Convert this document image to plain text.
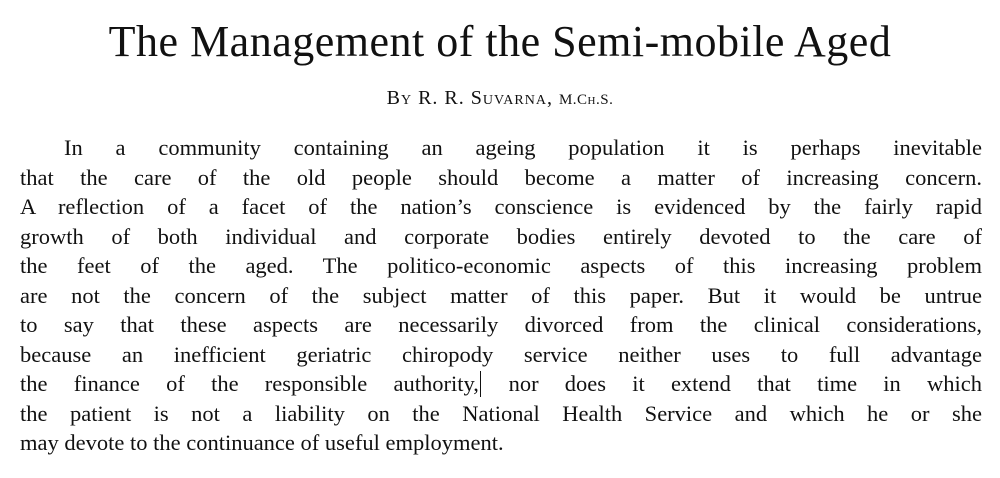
The Management of the Semi-mobile Aged

By R. R. Suvarna, M.Ch.S.

In a community containing an ageing population it is perhaps inevitable
that the care of the old people should become a matter of increasing concern.
A reflection of a facet of the nation’s conscience is evidenced by the fairly rapid
growth of both individual and corporate bodies entirely devoted to the care of
the feet of the aged. The politico-economic aspects of this increasing problem
are not the concern of the subject matter of this paper. But it would be untrue
to say that these aspects are necessarily divorced from the clinical considerations,
because an inefficient geriatric chiropody service neither uses to full advantage
the finance of the responsible authority, nor does it extend that time in which
the patient is not a liability on the National Health Service and which he or she
may devote to the continuance of useful employment.
